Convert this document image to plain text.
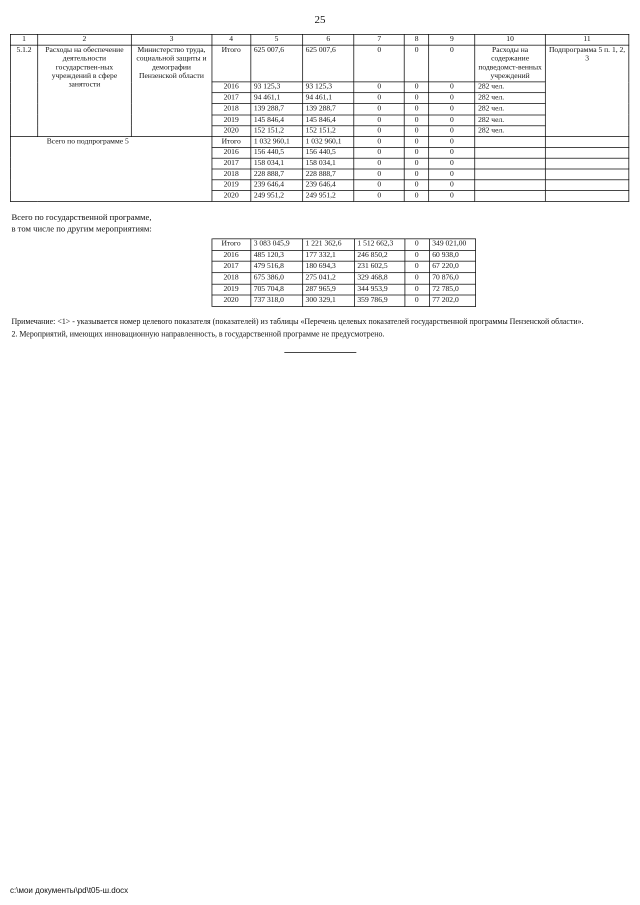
25
1	2	3	4	5	6	7	8	9	10	11
5.1.2	Расходы на обеспечение деятельности государствен-ных учреждений в сфере занятости	Министерство труда, социальной защиты и демографии Пензенской области	Итого	625 007,6	625 007,6	0	0	0	Расходы на содержание подведомст-венных учреждений	Подпрограмма 5 п. 1, 2, 3
			2016	93 125,3	93 125,3	0	0	0	282 чел.	
			2017	94 461,1	94 461,1	0	0	0	282 чел.	
			2018	139 288,7	139 288,7	0	0	0	282 чел.	
			2019	145 846,4	145 846,4	0	0	0	282 чел.	
			2020	152 151,2	152 151,2	0	0	0	282 чел.	
Всего по подпрограмме 5			Итого	1 032 960,1	1 032 960,1	0	0	0		
			2016	156 440,5	156 440,5	0	0	0		
			2017	158 034,1	158 034,1	0	0	0		
			2018	228 888,7	228 888,7	0	0	0		
			2019	239 646,4	239 646,4	0	0	0		
			2020	249 951,2	249 951,2	0	0	0		
Всего по государственной программе,
в том числе по другим мероприятиям:
	Итого	3 083 045,9	1 221 362,6	1 512 662,3	0	349 021,00
	2016	485 120,3	177 332,1	246 850,2	0	60 938,0
	2017	479 516,8	180 694,3	231 602,5	0	67 220,0
	2018	675 386,0	275 041,2	329 468,8	0	70 876,0
	2019	705 704,8	287 965,9	344 953,9	0	72 785,0
	2020	737 318,0	300 329,1	359 786,9	0	77 202,0

Примечание: <1> - указывается номер целевого показателя (показателей) из таблицы «Перечень целевых показателей государственной программы Пензенской области».

2. Мероприятий, имеющих инновационную направленность, в государственной программе не предусмотрено.

c:\мои документы\pd\t05-ш.docx
